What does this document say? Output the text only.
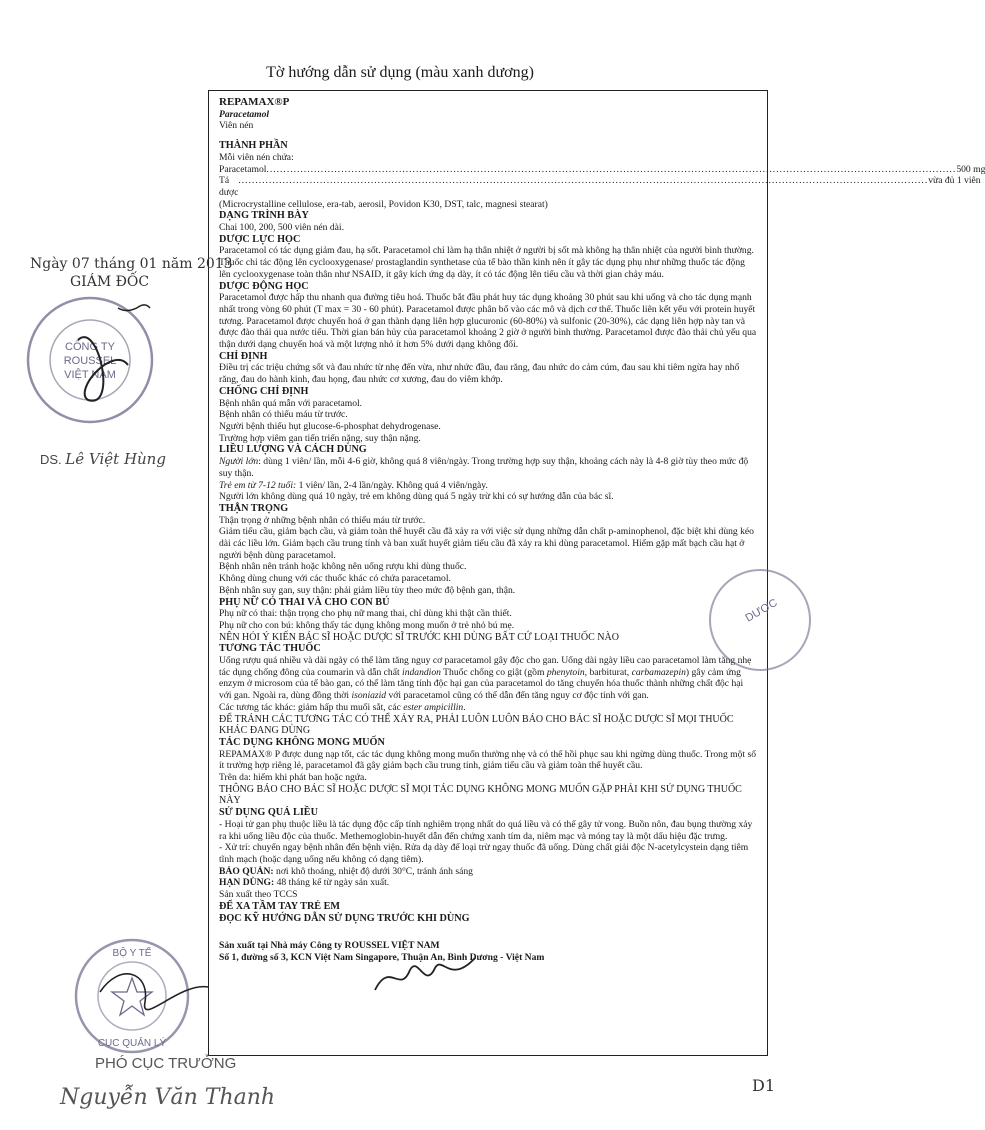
Tờ hướng dẫn sử dụng (màu xanh dương)

REPAMAX®P

Paracetamol

Viên nén

THÀNH PHẦN

Mỗi viên nén chứa:

Paracetamol ........................................................................................................................................................................................................... 500 mg
Tá dược
........................................................................................................................................................................................................... vừa đủ 1 viên

(Microcrystalline cellulose, era-tab, aerosil, Povidon K30, DST, talc, magnesi stearat)

DẠNG TRÌNH BÀY

Chai 100, 200, 500 viên nén dài.

DƯỢC LỰC HỌC

Paracetamol có tác dụng giảm đau, hạ sốt. Paracetamol chỉ làm hạ thân nhiệt ở người bị sốt mà không hạ thân nhiệt của người bình thường. Thuốc chỉ tác động lên cyclooxygenase/ prostaglandin synthetase của tế bào thần kinh nên ít gây tác dụng phụ như những thuốc tác động lên cyclooxygenase toàn thân như NSAID, ít gây kích ứng dạ dày, ít có tác động lên tiểu cầu và thời gian chảy máu.

DƯỢC ĐỘNG HỌC

Paracetamol được hấp thu nhanh qua đường tiêu hoá. Thuốc bắt đầu phát huy tác dụng khoảng 30 phút sau khi uống và cho tác dụng mạnh nhất trong vòng 60 phút (T max = 30 - 60 phút). Paracetamol được phân bố vào các mô và dịch cơ thể. Thuốc liên kết yếu với protein huyết tương. Paracetamol được chuyển hoá ở gan thành dạng liên hợp glucuronic (60-80%) và sulfonic (20-30%), các dạng liên hợp này tan và được đào thải qua nước tiểu. Thời gian bán hủy của paracetamol khoảng 2 giờ ở người bình thường. Paracetamol được đào thải chủ yếu qua thận dưới dạng chuyển hoá và một lượng nhỏ ít hơn 5% dưới dạng không đổi.

CHỈ ĐỊNH

Điều trị các triệu chứng sốt và đau nhức từ nhẹ đến vừa, như nhức đầu, đau răng, đau nhức do cảm cúm, đau sau khi tiêm ngừa hay nhổ răng, đau do hành kinh, đau họng, đau nhức cơ xương, đau do viêm khớp.

CHỐNG CHỈ ĐỊNH

Bệnh nhân quá mẫn với paracetamol.

Bệnh nhân có thiếu máu từ trước.

Người bệnh thiếu hụt glucose-6-phosphat dehydrogenase.

Trường hợp viêm gan tiến triển nặng, suy thận nặng.

LIỀU LƯỢNG VÀ CÁCH DÙNG

Người lớn: dùng 1 viên/ lần, mỗi 4-6 giờ, không quá 8 viên/ngày. Trong trường hợp suy thận, khoảng cách này là 4-8 giờ tùy theo mức độ suy thận.

Trẻ em từ 7-12 tuổi: 1 viên/ lần, 2-4 lần/ngày. Không quá 4 viên/ngày.

Người lớn không dùng quá 10 ngày, trẻ em không dùng quá 5 ngày trừ khi có sự hướng dẫn của bác sĩ.

THẬN TRỌNG

Thận trọng ở những bệnh nhân có thiếu máu từ trước.

Giảm tiểu cầu, giảm bạch cầu, và giảm toàn thể huyết cầu đã xảy ra với việc sử dụng những dẫn chất p-aminophenol, đặc biệt khi dùng kéo dài các liều lớn. Giảm bạch cầu trung tính và ban xuất huyết giảm tiểu cầu đã xảy ra khi dùng paracetamol. Hiếm gặp mất bạch cầu hạt ở người bệnh dùng paracetamol.

Bệnh nhân nên tránh hoặc không nên uống rượu khi dùng thuốc.

Không dùng chung với các thuốc khác có chứa paracetamol.

Bệnh nhân suy gan, suy thận: phải giảm liều tùy theo mức độ bệnh gan, thận.

PHỤ NỮ CÓ THAI VÀ CHO CON BÚ

Phụ nữ có thai: thận trọng cho phụ nữ mang thai, chỉ dùng khi thật cần thiết.

Phụ nữ cho con bú: không thấy tác dụng không mong muốn ở trẻ nhỏ bú mẹ.

NÊN HỎI Ý KIẾN BÁC SĨ HOẶC DƯỢC SĨ TRƯỚC KHI DÙNG BẤT CỨ LOẠI THUỐC NÀO

TƯƠNG TÁC THUỐC

Uống rượu quá nhiều và dài ngày có thể làm tăng nguy cơ paracetamol gây độc cho gan. Uống dài ngày liều cao paracetamol làm tăng nhẹ tác dụng chống đông của coumarin và dẫn chất indandion Thuốc chống co giật (gồm phenytoin, barbiturat, carbamazepin) gây cảm ứng enzym ở microsom của tế bào gan, có thể làm tăng tính độc hại gan của paracetamol do tăng chuyển hóa thuốc thành những chất độc hại với gan. Ngoài ra, dùng đồng thời isoniazid với paracetamol cũng có thể dẫn đến tăng nguy cơ độc tính với gan.

Các tương tác khác: giảm hấp thu muối sắt, các ester ampicillin.

ĐỂ TRÁNH CÁC TƯƠNG TÁC CÓ THỂ XẢY RA, PHẢI LUÔN LUÔN BÁO CHO BÁC SĨ HOẶC DƯỢC SĨ MỌI THUỐC KHÁC ĐANG DÙNG

TÁC DỤNG KHÔNG MONG MUỐN

REPAMAX® P được dung nạp tốt, các tác dụng không mong muốn thường nhẹ và có thể hồi phục sau khi ngừng dùng thuốc. Trong một số ít trường hợp riêng lẻ, paracetamol đã gây giảm bạch cầu trung tính, giảm tiểu cầu và giảm toàn thể huyết cầu.

Trên da: hiếm khi phát ban hoặc ngứa.

THÔNG BÁO CHO BÁC SĨ HOẶC DƯỢC SĨ MỌI TÁC DỤNG KHÔNG MONG MUỐN GẶP PHẢI KHI SỬ DỤNG THUỐC NÀY

SỬ DỤNG QUÁ LIỀU

- Hoại tử gan phụ thuộc liều là tác dụng độc cấp tính nghiêm trọng nhất do quá liều và có thể gây tử vong. Buồn nôn, đau bụng thường xảy ra khi uống liều độc của thuốc. Methemoglobin-huyết dẫn đến chứng xanh tím da, niêm mạc và móng tay là một dấu hiệu đặc trưng.

- Xử trí: chuyển ngay bệnh nhân đến bệnh viện. Rửa dạ dày để loại trừ ngay thuốc đã uống. Dùng chất giải độc N-acetylcystein dạng tiêm tĩnh mạch (hoặc dạng uống nếu không có dạng tiêm).

BẢO QUẢN: nơi khô thoáng, nhiệt độ dưới 30°C, tránh ánh sáng

HẠN DÙNG: 48 tháng kể từ ngày sản xuất.

Sản xuất theo TCCS

ĐỂ XA TẦM TAY TRẺ EM

ĐỌC KỸ HƯỚNG DẪN SỬ DỤNG TRƯỚC KHI DÙNG

Sản xuất tại Nhà máy Công ty ROUSSEL VIỆT NAM

Số 1, đường số 3, KCN Việt Nam Singapore, Thuận An, Bình Dương - Việt Nam

Ngày 07 tháng 01 năm 2013
GIÁM ĐỐC
CÔNG TY
ROUSSEL
VIỆT NAM
DS. Lê Việt Hùng
BỘ Y TẾ
CỤC QUẢN LÝ
DƯỢC
PHÓ CỤC TRƯỞNG
Nguyễn Văn Thanh	D1
